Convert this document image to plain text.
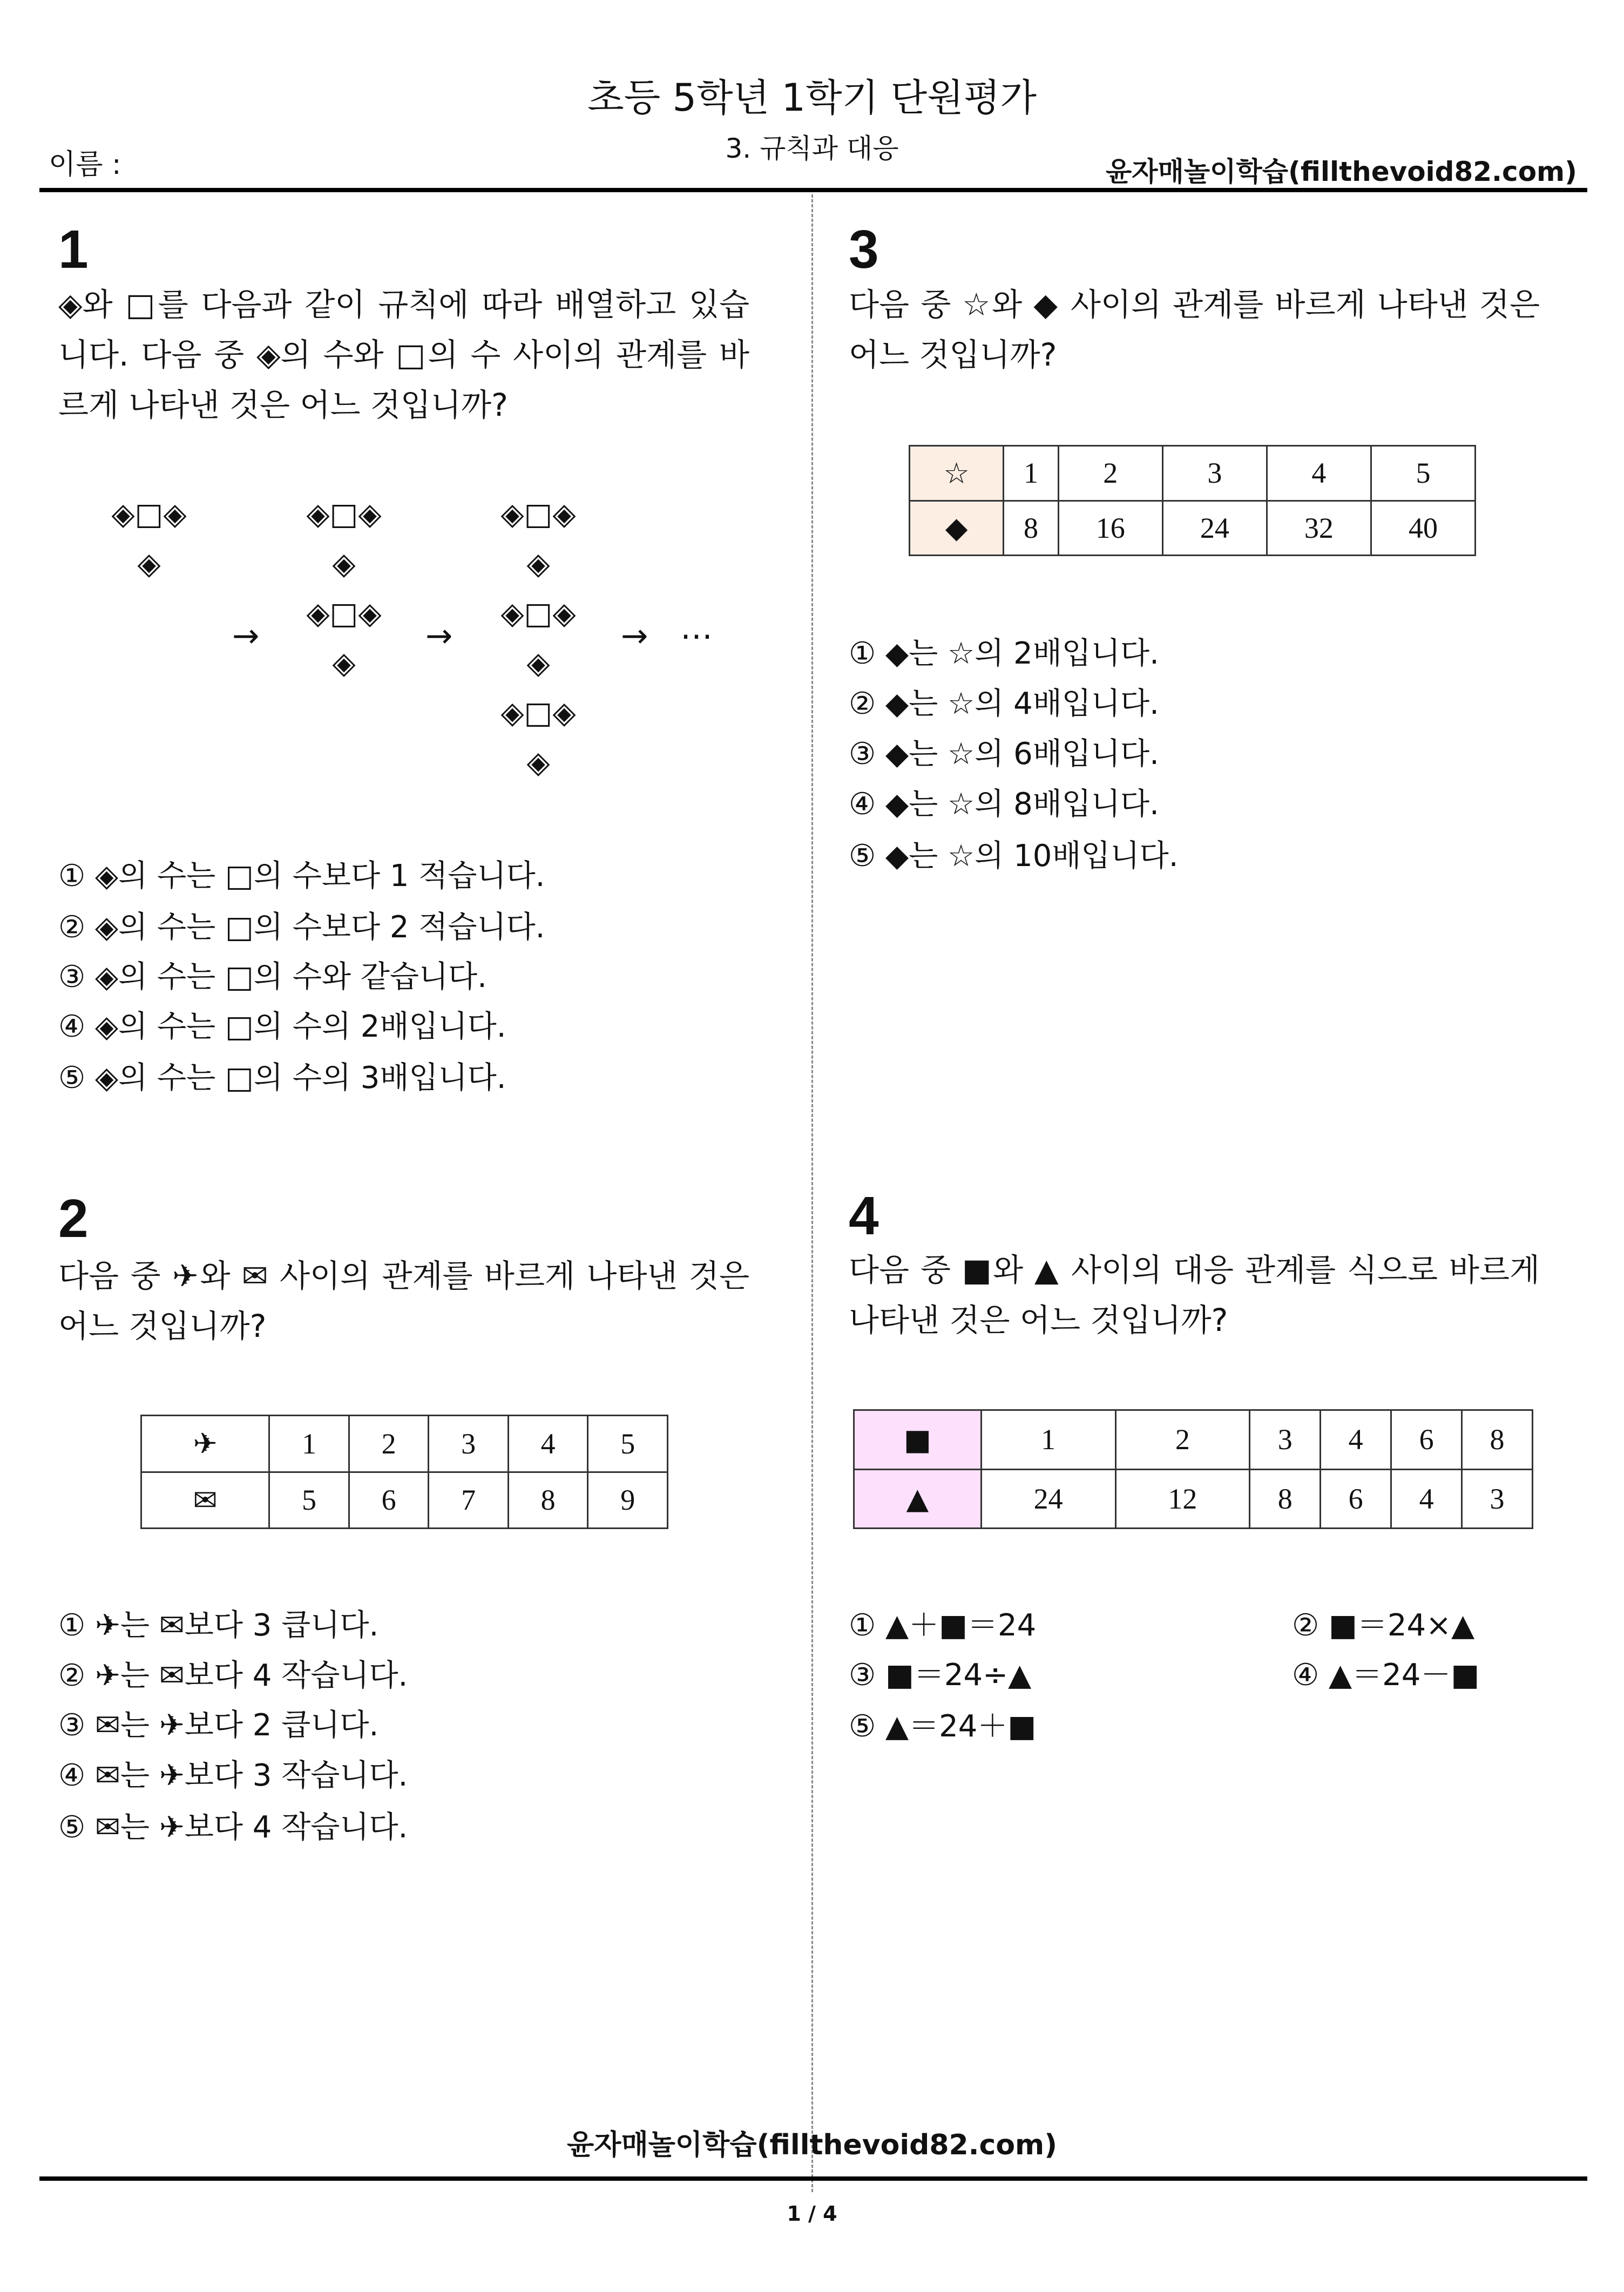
초등 5학년 1학기 단원평가
3. 규칙과 대응
이름 :	윤자매놀이학습(fillthevoid82.com)
1
◈와 □를 다음과 같이 규칙에 따라 배열하고 있습니다. 다음 중 ◈의 수와 □의 수 사이의 관계를 바르게 나타낸 것은 어느 것입니까?
◈□◈
◈
◈□◈
◈
◈□◈
◈
◈□◈
◈
◈□◈
◈
◈□◈
◈
→	→	→ ⋯
① ◈의 수는 □의 수보다 1 적습니다.
② ◈의 수는 □의 수보다 2 적습니다.
③ ◈의 수는 □의 수와 같습니다.
④ ◈의 수는 □의 수의 2배입니다.
⑤ ◈의 수는 □의 수의 3배입니다.
2
다음 중 ✈와 ✉ 사이의 관계를 바르게 나타낸 것은 어느 것입니까?
✈	1	2	3	4	5
✉	5	6	7	8	9
① ✈는 ✉보다 3 큽니다.
② ✈는 ✉보다 4 작습니다.
③ ✉는 ✈보다 2 큽니다.
④ ✉는 ✈보다 3 작습니다.
⑤ ✉는 ✈보다 4 작습니다.
3
다음 중 ☆와 ◆ 사이의 관계를 바르게 나타낸 것은 어느 것입니까?
☆	1	2	3	4	5
◆	8	16	24	32	40
① ◆는 ☆의 2배입니다.
② ◆는 ☆의 4배입니다.
③ ◆는 ☆의 6배입니다.
④ ◆는 ☆의 8배입니다.
⑤ ◆는 ☆의 10배입니다.
4
다음 중 ■와 ▲ 사이의 대응 관계를 식으로 바르게 나타낸 것은 어느 것입니까?
■	1	2	3	4	6	8
▲	24	12	8	6	4	3
① ▲＋■＝24	② ■＝24×▲
③ ■＝24÷▲	④ ▲＝24－■
⑤ ▲＝24＋■
윤자매놀이학습(fillthevoid82.com)
1 / 4
